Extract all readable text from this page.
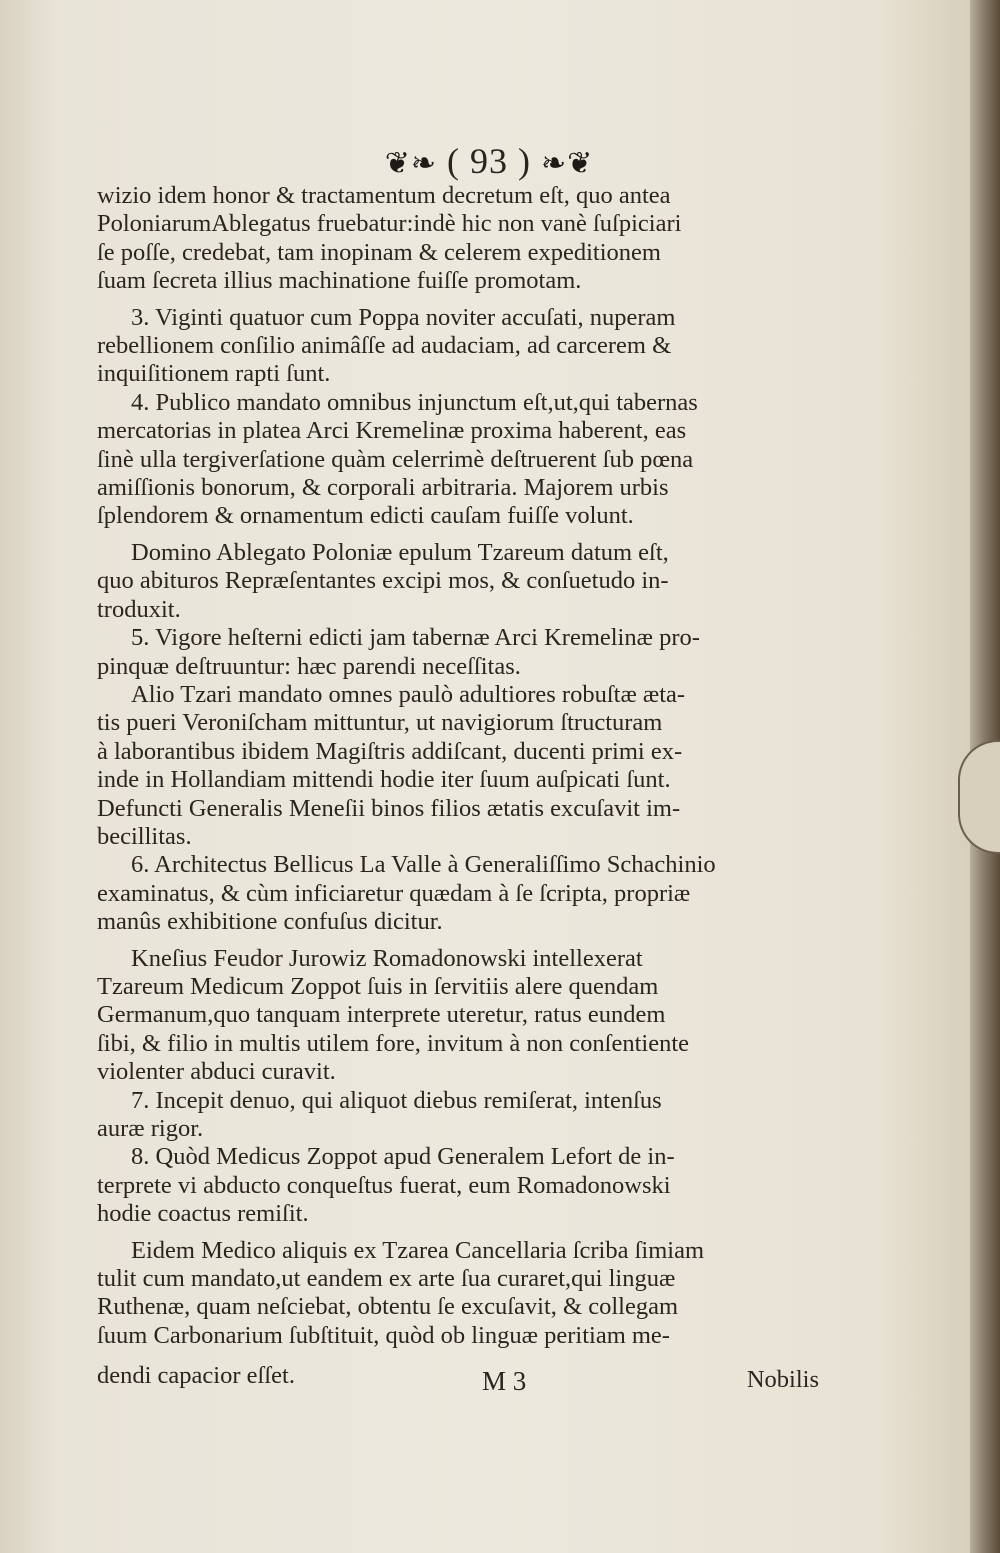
❦❧ ( 93 ) ❧❦

wizio idem honor & tractamentum decretum eſt, quo antea

PoloniarumAblegatus fruebatur:indè hic non vanè ſuſpiciari

ſe poſſe, credebat, tam inopinam & celerem expeditionem

ſuam ſecreta illius machinatione fuiſſe promotam.

3. Viginti quatuor cum Poppa noviter accuſati, nuperam

rebellionem conſilio animâſſe ad audaciam, ad carcerem &

inquiſitionem rapti ſunt.

4. Publico mandato omnibus injunctum eſt,ut,qui tabernas

mercatorias in platea Arci Kremelinæ proxima haberent, eas

ſinè ulla tergiverſatione quàm celerrimè deſtruerent ſub pœna

amiſſionis bonorum, & corporali arbitraria. Majorem urbis

ſplendorem & ornamentum edicti cauſam fuiſſe volunt.

Domino Ablegato Poloniæ epulum Tzareum datum eſt,

quo abituros Repræſentantes excipi mos, & conſuetudo in-

troduxit.

5. Vigore heſterni edicti jam tabernæ Arci Kremelinæ pro-

pinquæ deſtruuntur: hæc parendi neceſſitas.

Alio Tzari mandato omnes paulò adultiores robuſtæ ætа-

tis pueri Veroniſcham mittuntur, ut navigiorum ſtructuram

à laborantibus ibidem Magiſtris addiſcant, ducenti primi ex-

inde in Hollandiam mittendi hodie iter ſuum auſpicati ſunt.

Defuncti Generalis Meneſii binos filios ætatis excuſavit im-

becillitas.

6. Architectus Bellicus La Valle à Generaliſſimo Schachinio

examinatus, & cùm inficiaretur quædam à ſe ſcripta, propriæ

manûs exhibitione confuſus dicitur.

Kneſius Feudor Jurowiz Romadonowski intellexerat

Tzareum Medicum Zoppot ſuis in ſervitiis alere quendam

Germanum,quo tanquam interprete uteretur, ratus eundem

ſibi, & filio in multis utilem fore, invitum à non conſentiente

violenter abduci curavit.

7. Incepit denuo, qui aliquot diebus remiſerat, intenſus

auræ rigor.

8. Quòd Medicus Zoppot apud Generalem Lefort de in-

terprete vi abducto conqueſtus fuerat, eum Romadonowski

hodie coactus remiſit.

Eidem Medico aliquis ex Tzarea Cancellaria ſcriba ſimiam

tulit cum mandato,ut eandem ex arte ſua curaret,qui linguæ

Ruthenæ, quam neſciebat, obtentu ſe excuſavit, & collegam

ſuum Carbonarium ſubſtituit, quòd ob linguæ peritiam me-

dendi capacior eſſet.	M 3	Nobilis
